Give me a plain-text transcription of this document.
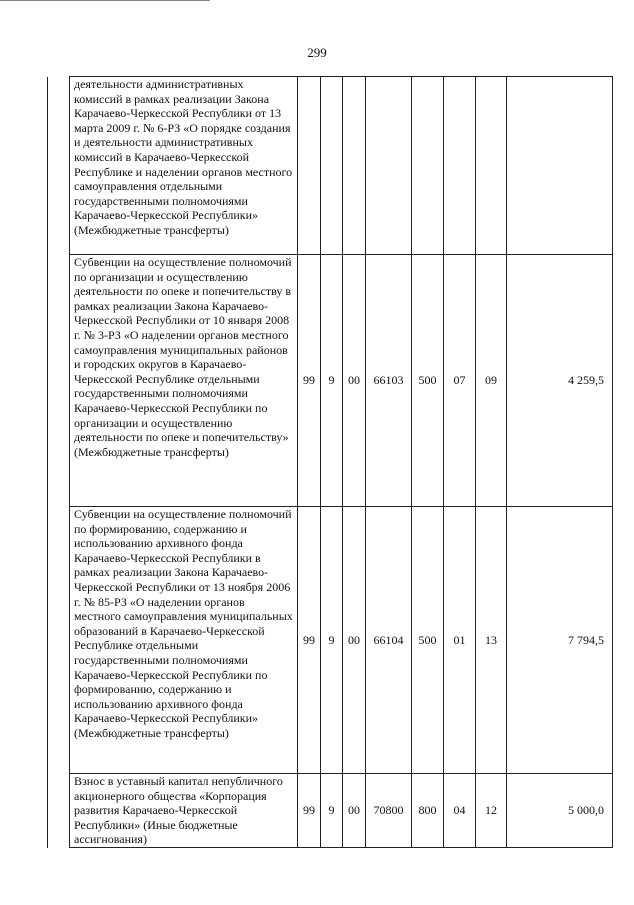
299
	деятельности административных комиссий в рамках реализации Закона Карачаево-Черкесской Республики от 13 марта 2009 г. № 6-РЗ «О порядке создания и деятельности административных комиссий в Карачаево-Черкесской Республике и наделении органов местного самоуправления отдельными государственными полномочиями Карачаево-Черкесской Республики» (Межбюджетные трансферты)								
	Субвенции на осуществление полномочий по организации и осуществлению деятельности по опеке и попечительству в рамках реализации Закона Карачаево-Черкесской Республики от 10 января 2008 г. № 3-РЗ «О наделении органов местного самоуправления муниципальных районов и городских округов в Карачаево-Черкесской Республике отдельными государственными полномочиями Карачаево-Черкесской Республики по организации и осуществлению деятельности по опеке и попечительству» (Межбюджетные трансферты)	99	9	00	66103	500	07	09	4 259,5
	Субвенции на осуществление полномочий по формированию, содержанию и использованию архивного фонда Карачаево-Черкесской Республики в рамках реализации Закона Карачаево-Черкесской Республики от 13 ноября 2006 г. № 85-РЗ «О наделении органов местного самоуправления муниципальных образований в Карачаево-Черкесской Республике отдельными государственными полномочиями Карачаево-Черкесской Республики по формированию, содержанию и использованию архивного фонда Карачаево-Черкесской Республики» (Межбюджетные трансферты)	99	9	00	66104	500	01	13	7 794,5
	Взнос в уставный капитал непубличного акционерного общества «Корпорация развития Карачаево-Черкесской Республики» (Иные бюджетные ассигнования)	99	9	00	70800	800	04	12	5 000,0
